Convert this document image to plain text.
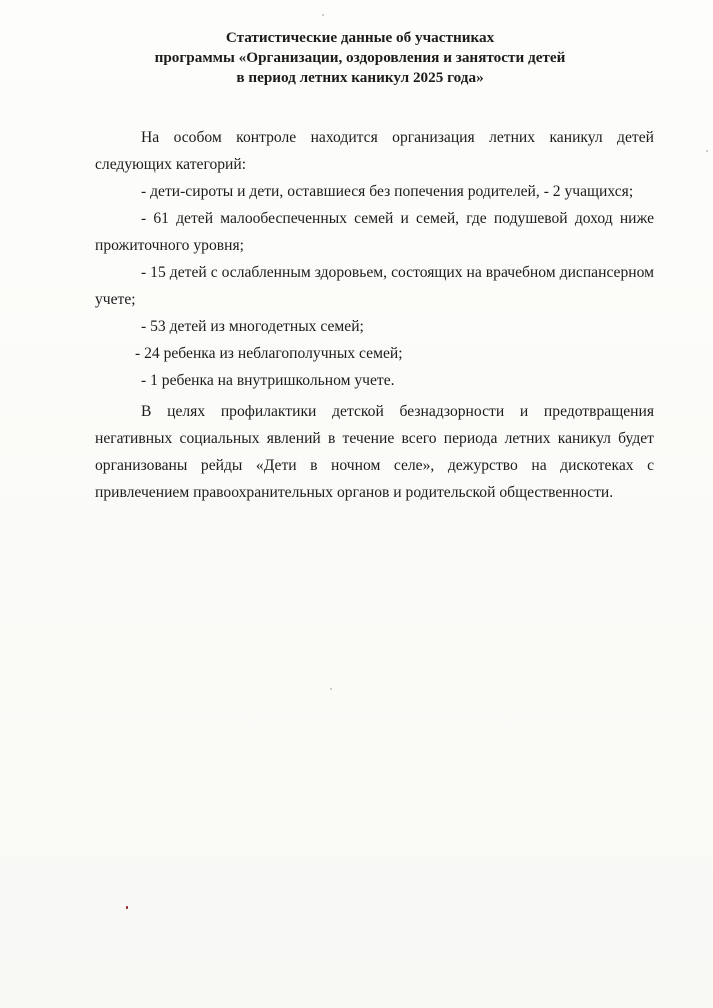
Статистические данные об участниках
программы «Организации, оздоровления и занятости детей
в период летних каникул 2025 года»

На особом контроле находится организация летних каникул детей следующих категорий:

- дети-сироты и дети, оставшиеся без попечения родителей, - 2 учащихся;

- 61 детей малообеспеченных семей и семей, где подушевой доход ниже прожиточного уровня;

- 15 детей с ослабленным здоровьем, состоящих на врачебном диспансерном учете;

- 53 детей из многодетных семей;

- 24 ребенка из неблагополучных семей;

- 1 ребенка на внутришкольном учете.

В целях профилактики детской безнадзорности и предотвращения негативных социальных явлений в течение всего периода летних каникул будет организованы рейды «Дети в ночном селе», дежурство на дискотеках с привлечением правоохранительных органов и родительской общественности.
